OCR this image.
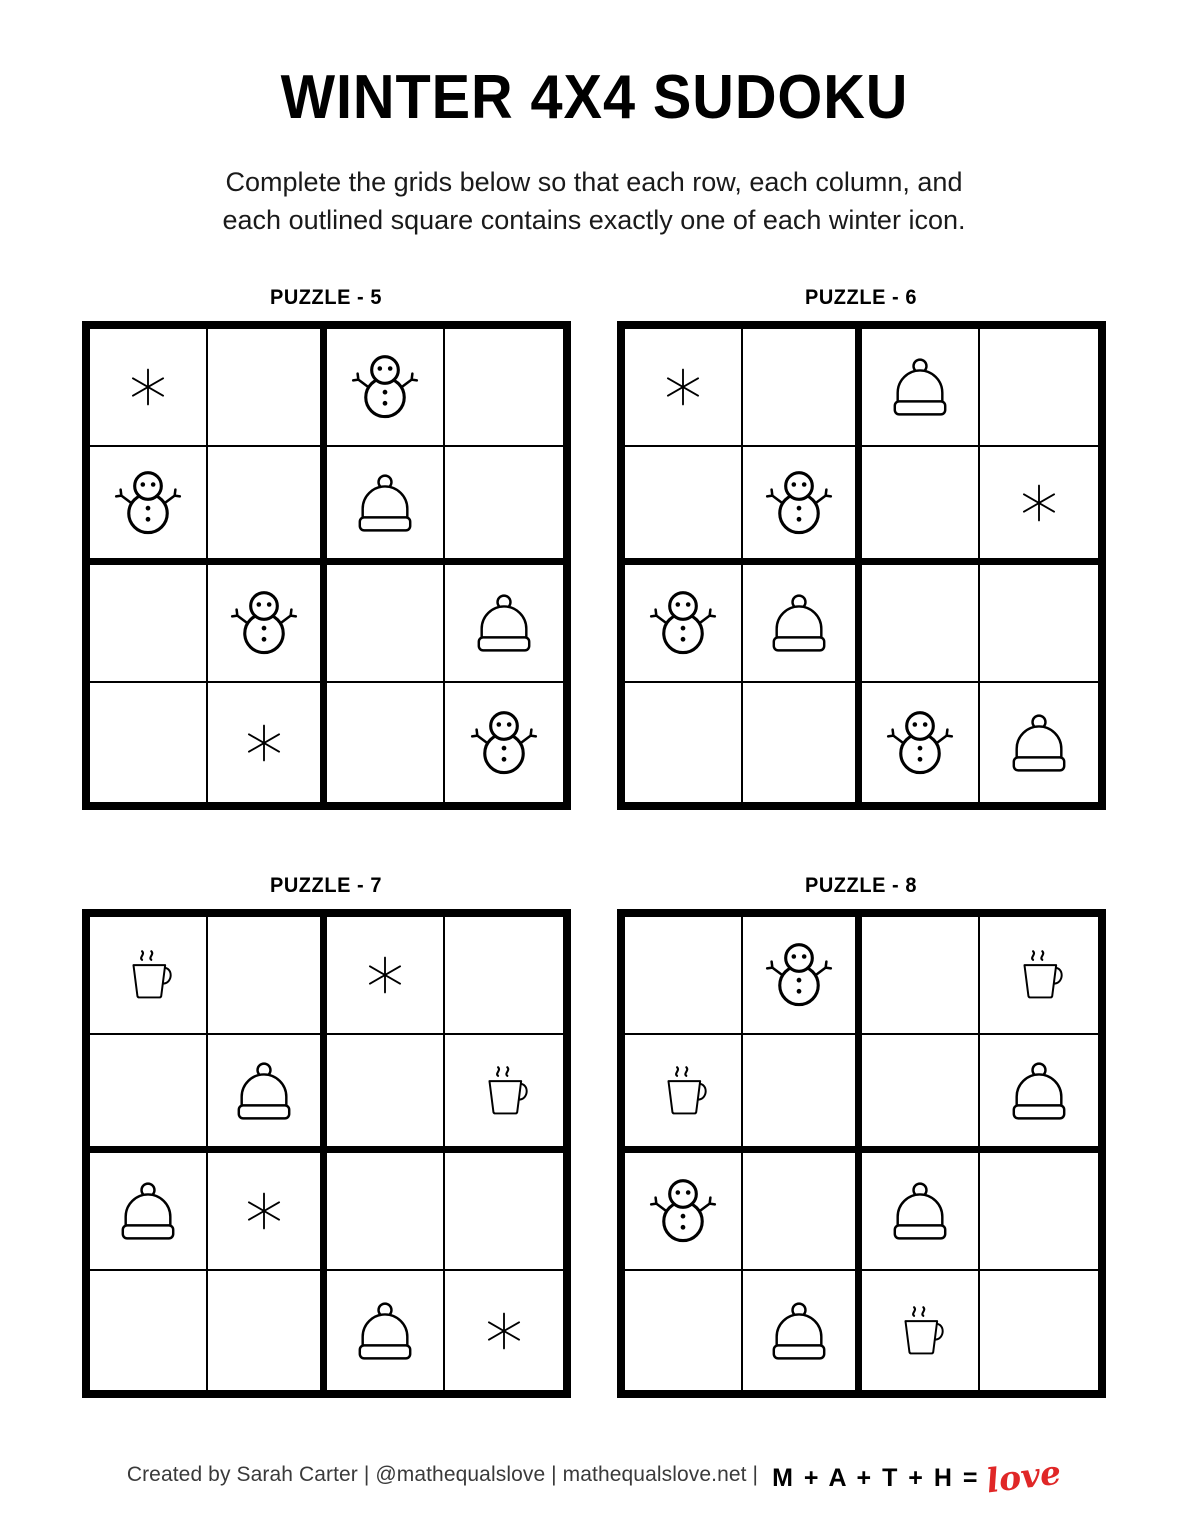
WINTER 4X4 SUDOKU
Complete the grids below so that each row, each column, and
each outlined square contains exactly one of each winter icon.
PUZZLE - 5	PUZZLE - 6
PUZZLE - 7	PUZZLE - 8
Created by Sarah Carter | @mathequalslove | mathequalslove.net | M + A + T + H = love
